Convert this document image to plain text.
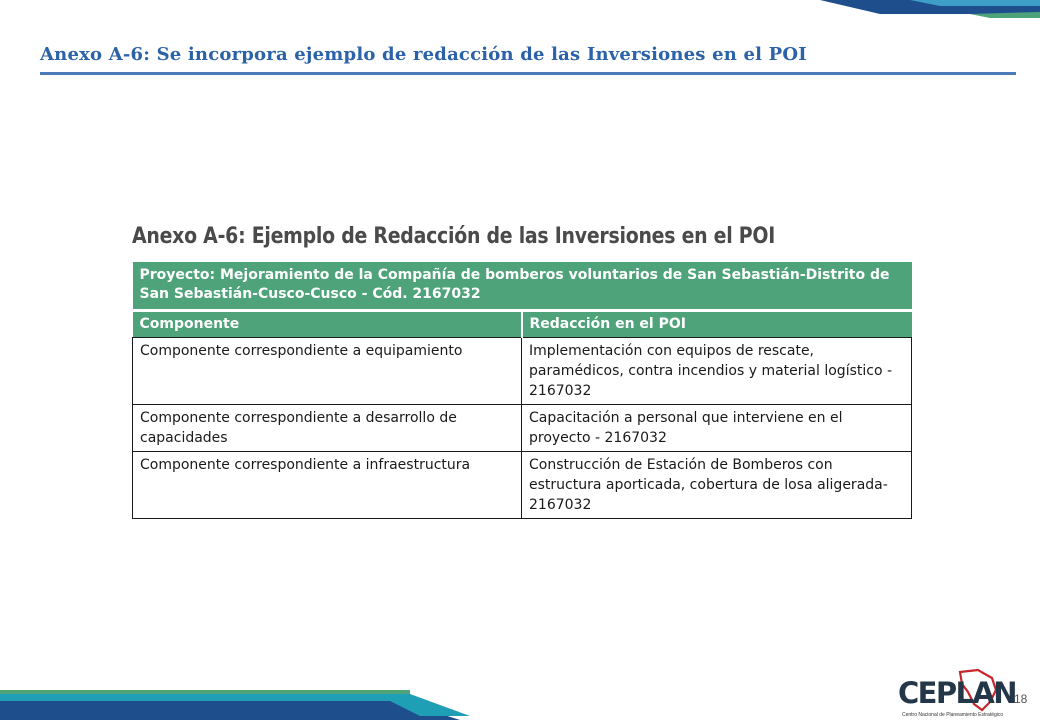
Anexo A-6: Se incorpora ejemplo de redacción de las Inversiones en el POI
Anexo A-6: Ejemplo de Redacción de las Inversiones en el POI
Proyecto: Mejoramiento de la Compañía de bomberos voluntarios de San Sebastián-Distrito de San Sebastián-Cusco-Cusco - Cód. 2167032	
Componente	Redacción en el POI
Componente correspondiente a equipamiento	Implementación con equipos de rescate, paramédicos, contra incendios y material logístico - 2167032
Componente correspondiente a desarrollo de capacidades	Capacitación a personal que interviene en el proyecto - 2167032
Componente correspondiente a infraestructura	Construcción de Estación de Bomberos con estructura aporticada, cobertura de losa aligerada-2167032
CEPLAN
Centro Nacional de Planeamiento Estratégico
18
